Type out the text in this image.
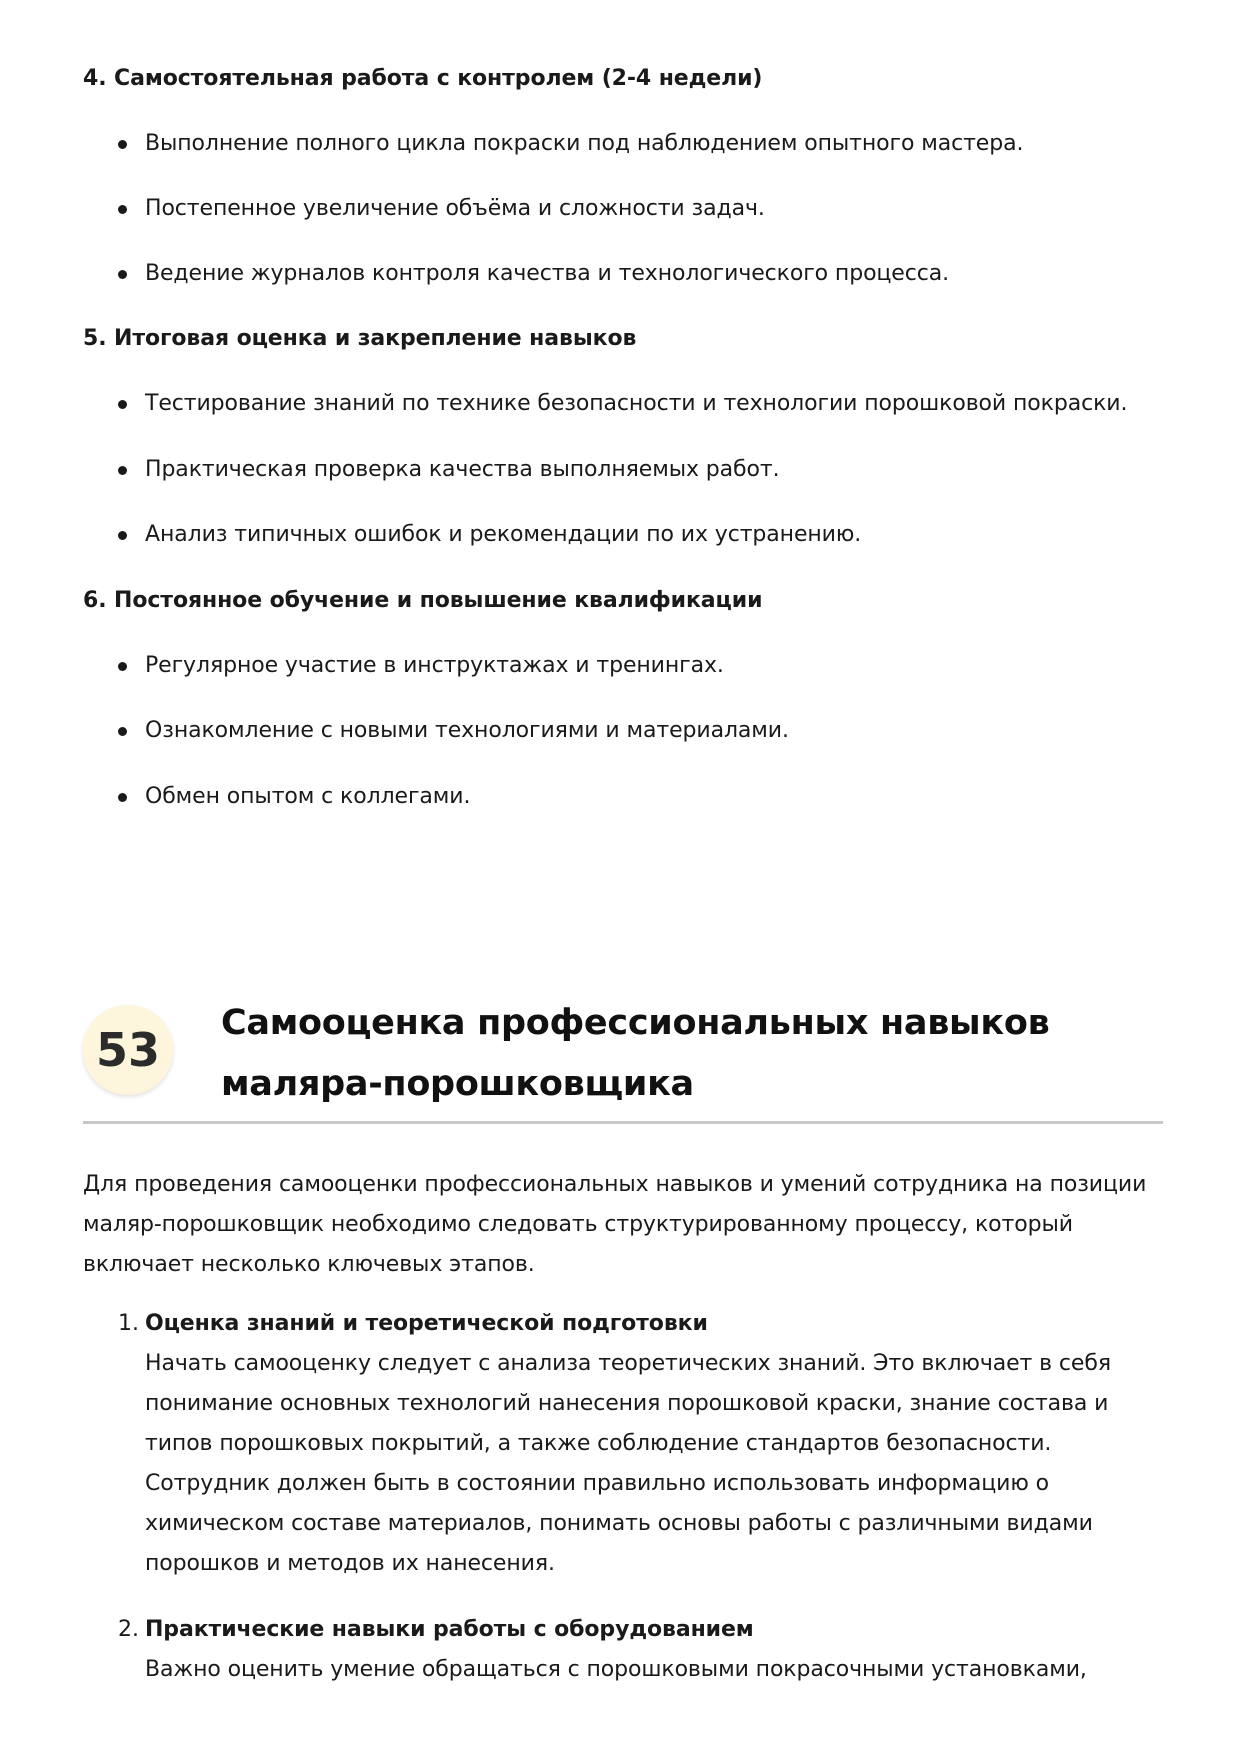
4. Самостоятельная работа с контролем (2-4 недели)
Выполнение полного цикла покраски под наблюдением опытного мастера.
Постепенное увеличение объёма и сложности задач.
Ведение журналов контроля качества и технологического процесса.
5. Итоговая оценка и закрепление навыков
Тестирование знаний по технике безопасности и технологии порошковой покраски.
Практическая проверка качества выполняемых работ.
Анализ типичных ошибок и рекомендации по их устранению.
6. Постоянное обучение и повышение квалификации
Регулярное участие в инструктажах и тренингах.
Ознакомление с новыми технологиями и материалами.
Обмен опытом с коллегами.
53	Самооценка профессиональных навыков маляра-порошковщика
Для проведения самооценки профессиональных навыков и умений сотрудника на позиции маляр-порошковщик необходимо следовать структурированному процессу, который включает несколько ключевых этапов.
1. Оценка знаний и теоретической подготовки
Начать самооценку следует с анализа теоретических знаний. Это включает в себя понимание основных технологий нанесения порошковой краски, знание состава и типов порошковых покрытий, а также соблюдение стандартов безопасности. Сотрудник должен быть в состоянии правильно использовать информацию о химическом составе материалов, понимать основы работы с различными видами порошков и методов их нанесения.
2. Практические навыки работы с оборудованием
Важно оценить умение обращаться с порошковыми покрасочными установками,
